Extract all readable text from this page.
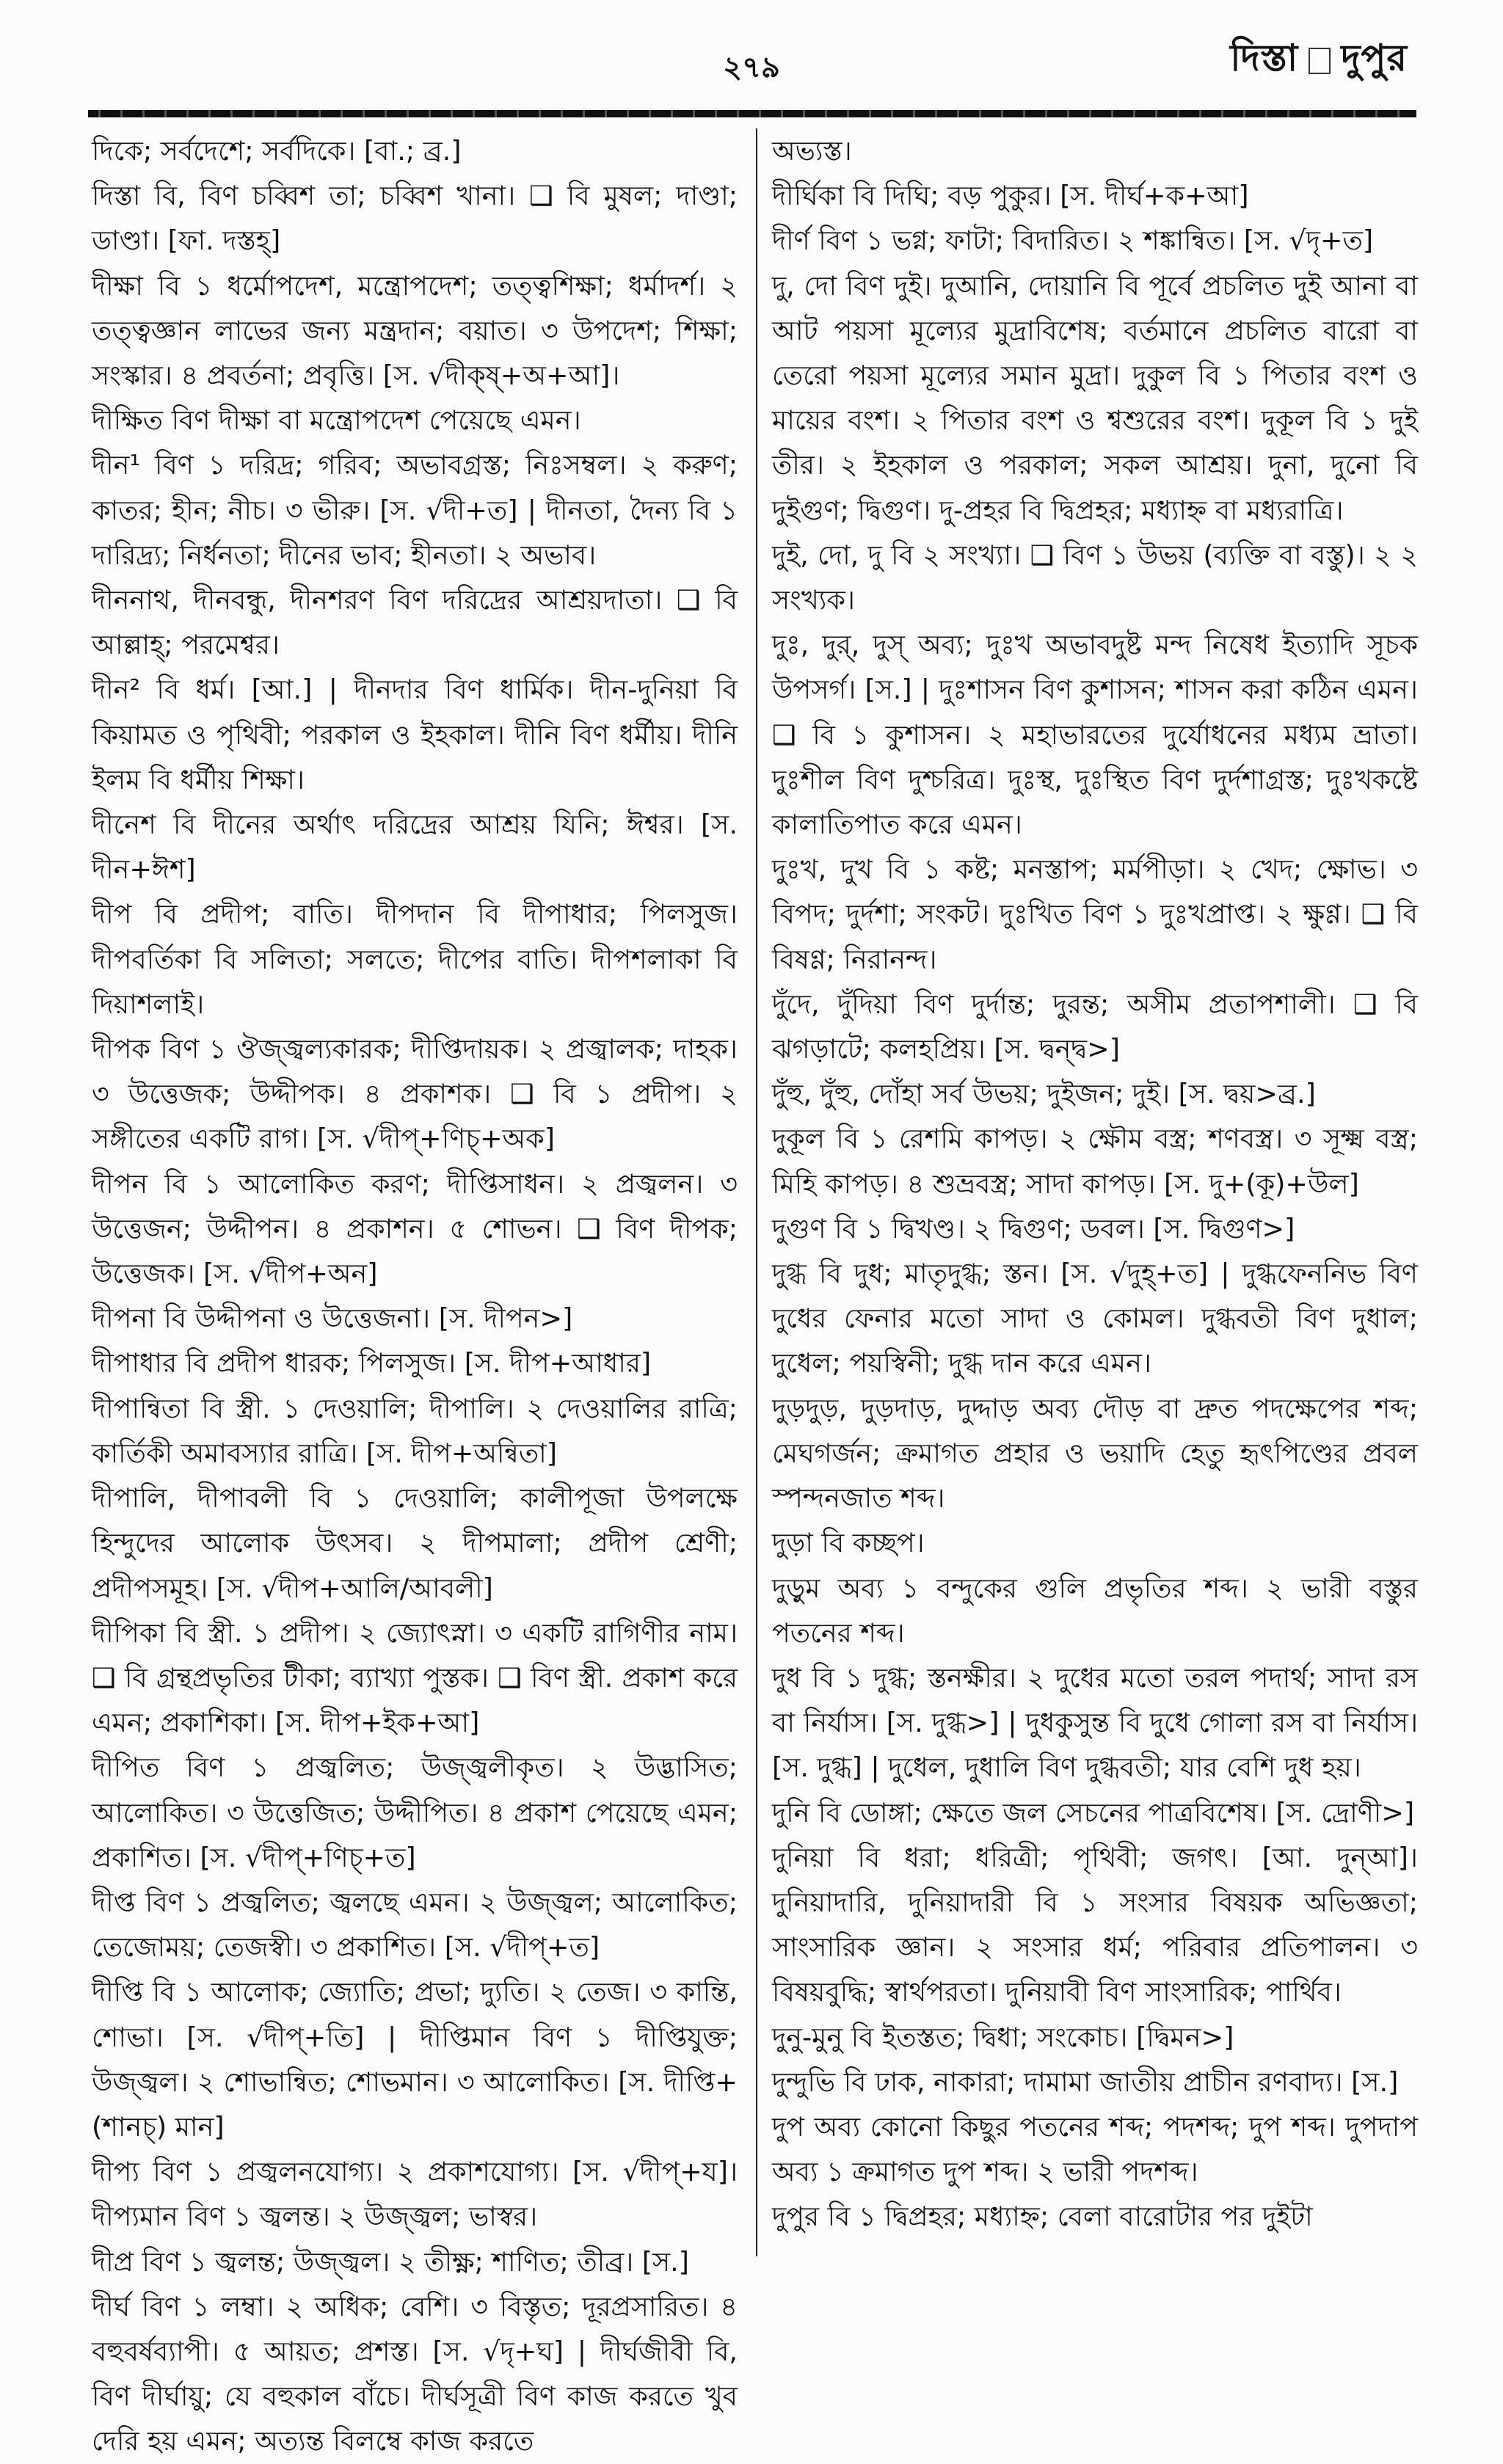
২৭৯	দিস্তা দুপুর

দিকে; সর্বদেশে; সর্বদিকে। [বা.; ব্র.]

দিস্তা বি, বিণ চব্বিশ তা; চব্বিশ খানা। ❑ বি মুষল; দাণ্ডা; ডাণ্ডা। [ফা. দস্তহ্]

দীক্ষা বি ১ ধর্মোপদেশ, মন্ত্রোপদেশ; তত্ত্বশিক্ষা; ধর্মাদর্শ। ২ তত্ত্বজ্ঞান লাভের জন্য মন্ত্রদান; বয়াত। ৩ উপদেশ; শিক্ষা; সংস্কার। ৪ প্রবর্তনা; প্রবৃত্তি। [স. √দীক্ষ্+অ+আ]।

দীক্ষিত বিণ দীক্ষা বা মন্ত্রোপদেশ পেয়েছে এমন।

দীন¹ বিণ ১ দরিদ্র; গরিব; অভাবগ্রস্ত; নিঃসম্বল। ২ করুণ; কাতর; হীন; নীচ। ৩ ভীরু। [স. √দী+ত] | দীনতা, দৈন্য বি ১ দারিদ্র্য; নির্ধনতা; দীনের ভাব; হীনতা। ২ অভাব।

দীননাথ, দীনবন্ধু, দীনশরণ বিণ দরিদ্রের আশ্রয়দাতা। ❑ বি আল্লাহ্; পরমেশ্বর।

দীন² বি ধর্ম। [আ.] | দীনদার বিণ ধার্মিক। দীন-দুনিয়া বি কিয়ামত ও পৃথিবী; পরকাল ও ইহকাল। দীনি বিণ ধর্মীয়। দীনি ইলম বি ধর্মীয় শিক্ষা।

দীনেশ বি দীনের অর্থাৎ দরিদ্রের আশ্রয় যিনি; ঈশ্বর। [স. দীন+ঈশ]

দীপ বি প্রদীপ; বাতি। দীপদান বি দীপাধার; পিলসুজ। দীপবর্তিকা বি সলিতা; সলতে; দীপের বাতি। দীপশলাকা বি দিয়াশলাই।

দীপক বিণ ১ ঔজ্জ্বল্যকারক; দীপ্তিদায়ক। ২ প্রজ্বালক; দাহক। ৩ উত্তেজক; উদ্দীপক। ৪ প্রকাশক। ❑ বি ১ প্রদীপ। ২ সঙ্গীতের একটি রাগ। [স. √দীপ্+ণিচ্+অক]

দীপন বি ১ আলোকিত করণ; দীপ্তিসাধন। ২ প্রজ্বলন। ৩ উত্তেজন; উদ্দীপন। ৪ প্রকাশন। ৫ শোভন। ❑ বিণ দীপক; উত্তেজক। [স. √দীপ+অন]

দীপনা বি উদ্দীপনা ও উত্তেজনা। [স. দীপন>]

দীপাধার বি প্রদীপ ধারক; পিলসুজ। [স. দীপ+আধার]

দীপান্বিতা বি স্ত্রী. ১ দেওয়ালি; দীপালি। ২ দেওয়ালির রাত্রি; কার্তিকী অমাবস্যার রাত্রি। [স. দীপ+অন্বিতা]

দীপালি, দীপাবলী বি ১ দেওয়ালি; কালীপূজা উপলক্ষে হিন্দুদের আলোক উৎসব। ২ দীপমালা; প্রদীপ শ্রেণী; প্রদীপসমূহ। [স. √দীপ+আলি/আবলী]

দীপিকা বি স্ত্রী. ১ প্রদীপ। ২ জ্যোৎস্না। ৩ একটি রাগিণীর নাম। ❑ বি গ্রন্থপ্রভৃতির টীকা; ব্যাখ্যা পুস্তক। ❑ বিণ স্ত্রী. প্রকাশ করে এমন; প্রকাশিকা। [স. দীপ+ইক+আ]

দীপিত বিণ ১ প্রজ্বলিত; উজ্জ্বলীকৃত। ২ উদ্ভাসিত; আলোকিত। ৩ উত্তেজিত; উদ্দীপিত। ৪ প্রকাশ পেয়েছে এমন; প্রকাশিত। [স. √দীপ্+ণিচ্+ত]

দীপ্ত বিণ ১ প্রজ্বলিত; জ্বলছে এমন। ২ উজ্জ্বল; আলোকিত; তেজোময়; তেজস্বী। ৩ প্রকাশিত। [স. √দীপ্+ত]

দীপ্তি বি ১ আলোক; জ্যোতি; প্রভা; দ্যুতি। ২ তেজ। ৩ কান্তি, শোভা। [স. √দীপ্+তি] | দীপ্তিমান বিণ ১ দীপ্তিযুক্ত; উজ্জ্বল। ২ শোভান্বিত; শোভমান। ৩ আলোকিত। [স. দীপ্তি+(শানচ্) মান]

দীপ্য বিণ ১ প্রজ্বলনযোগ্য। ২ প্রকাশযোগ্য। [স. √দীপ্+য]। দীপ্যমান বিণ ১ জ্বলন্ত। ২ উজ্জ্বল; ভাস্বর।

দীপ্র বিণ ১ জ্বলন্ত; উজ্জ্বল। ২ তীক্ষ্ণ; শাণিত; তীব্র। [স.]

দীর্ঘ বিণ ১ লম্বা। ২ অধিক; বেশি। ৩ বিস্তৃত; দূরপ্রসারিত। ৪ বহুবর্ষব্যাপী। ৫ আয়ত; প্রশস্ত। [স. √দৃ+ঘ] | দীর্ঘজীবী বি, বিণ দীর্ঘায়ু; যে বহুকাল বাঁচে। দীর্ঘসূত্রী বিণ কাজ করতে খুব দেরি হয় এমন; অত্যন্ত বিলম্বে কাজ করতে

অভ্যস্ত।

দীর্ঘিকা বি দিঘি; বড় পুকুর। [স. দীর্ঘ+ক+আ]

দীর্ণ বিণ ১ ভগ্ন; ফাটা; বিদারিত। ২ শঙ্কান্বিত। [স. √দৃ+ত]

দু, দো বিণ দুই। দুআনি, দোয়ানি বি পূর্বে প্রচলিত দুই আনা বা আট পয়সা মূল্যের মুদ্রাবিশেষ; বর্তমানে প্রচলিত বারো বা তেরো পয়সা মূল্যের সমান মুদ্রা। দুকুল বি ১ পিতার বংশ ও মায়ের বংশ। ২ পিতার বংশ ও শ্বশুরের বংশ। দুকূল বি ১ দুই তীর। ২ ইহকাল ও পরকাল; সকল আশ্রয়। দুনা, দুনো বি দুইগুণ; দ্বিগুণ। দু-প্রহর বি দ্বিপ্রহর; মধ্যাহ্ন বা মধ্যরাত্রি।

দুই, দো, দু বি ২ সংখ্যা। ❑ বিণ ১ উভয় (ব্যক্তি বা বস্তু)। ২ ২ সংখ্যক।

দুঃ, দুর্, দুস্ অব্য; দুঃখ অভাবদুষ্ট মন্দ নিষেধ ইত্যাদি সূচক উপসর্গ। [স.] | দুঃশাসন বিণ কুশাসন; শাসন করা কঠিন এমন। ❑ বি ১ কুশাসন। ২ মহাভারতের দুর্যোধনের মধ্যম ভ্রাতা। দুঃশীল বিণ দুশ্চরিত্র। দুঃস্থ, দুঃস্থিত বিণ দুর্দশাগ্রস্ত; দুঃখকষ্টে কালাতিপাত করে এমন।

দুঃখ, দুখ বি ১ কষ্ট; মনস্তাপ; মর্মপীড়া। ২ খেদ; ক্ষোভ। ৩ বিপদ; দুর্দশা; সংকট। দুঃখিত বিণ ১ দুঃখপ্রাপ্ত। ২ ক্ষুণ্ণ। ❑ বি বিষণ্ণ; নিরানন্দ।

দুঁদে, দুঁদিয়া বিণ দুর্দান্ত; দুরন্ত; অসীম প্রতাপশালী। ❑ বি ঝগড়াটে; কলহপ্রিয়। [স. দ্বন্দ্ব>]

দুঁহু, দুঁহু, দোঁহা সর্ব উভয়; দুইজন; দুই। [স. দ্বয়>ব্র.]

দুকূল বি ১ রেশমি কাপড়। ২ ক্ষৌম বস্ত্র; শণবস্ত্র। ৩ সূক্ষ্ম বস্ত্র; মিহি কাপড়। ৪ শুভ্রবস্ত্র; সাদা কাপড়। [স. দু+(কূ)+উল]

দুগুণ বি ১ দ্বিখণ্ড। ২ দ্বিগুণ; ডবল। [স. দ্বিগুণ>]

দুগ্ধ বি দুধ; মাতৃদুগ্ধ; স্তন। [স. √দুহ্+ত] | দুগ্ধফেননিভ বিণ দুধের ফেনার মতো সাদা ও কোমল। দুগ্ধবতী বিণ দুধাল; দুধেল; পয়স্বিনী; দুগ্ধ দান করে এমন।

দুড়দুড়, দুড়দাড়, দুদ্দাড় অব্য দৌড় বা দ্রুত পদক্ষেপের শব্দ; মেঘগর্জন; ক্রমাগত প্রহার ও ভয়াদি হেতু হৃৎপিণ্ডের প্রবল স্পন্দনজাত শব্দ।

দুড়া বি কচ্ছপ।

দুড়ুম অব্য ১ বন্দুকের গুলি প্রভৃতির শব্দ। ২ ভারী বস্তুর পতনের শব্দ।

দুধ বি ১ দুগ্ধ; স্তনক্ষীর। ২ দুধের মতো তরল পদার্থ; সাদা রস বা নির্যাস। [স. দুগ্ধ>] | দুধকুসুন্ত বি দুধে গোলা রস বা নির্যাস। [স. দুগ্ধ] | দুধেল, দুধালি বিণ দুগ্ধবতী; যার বেশি দুধ হয়।

দুনি বি ডোঙ্গা; ক্ষেতে জল সেচনের পাত্রবিশেষ। [স. দ্রোণী>]

দুনিয়া বি ধরা; ধরিত্রী; পৃথিবী; জগৎ। [আ. দুন্‌আ]। দুনিয়াদারি, দুনিয়াদারী বি ১ সংসার বিষয়ক অভিজ্ঞতা; সাংসারিক জ্ঞান। ২ সংসার ধর্ম; পরিবার প্রতিপালন। ৩ বিষয়বুদ্ধি; স্বার্থপরতা। দুনিয়াবী বিণ সাংসারিক; পার্থিব।

দুনু-মুনু বি ইতস্তত; দ্বিধা; সংকোচ। [দ্বিমন>]

দুন্দুভি বি ঢাক, নাকারা; দামামা জাতীয় প্রাচীন রণবাদ্য। [স.]

দুপ অব্য কোনো কিছুর পতনের শব্দ; পদশব্দ; দুপ শব্দ। দুপদাপ অব্য ১ ক্রমাগত দুপ শব্দ। ২ ভারী পদশব্দ।

দুপুর বি ১ দ্বিপ্রহর; মধ্যাহ্ন; বেলা বারোটার পর দুইটা
